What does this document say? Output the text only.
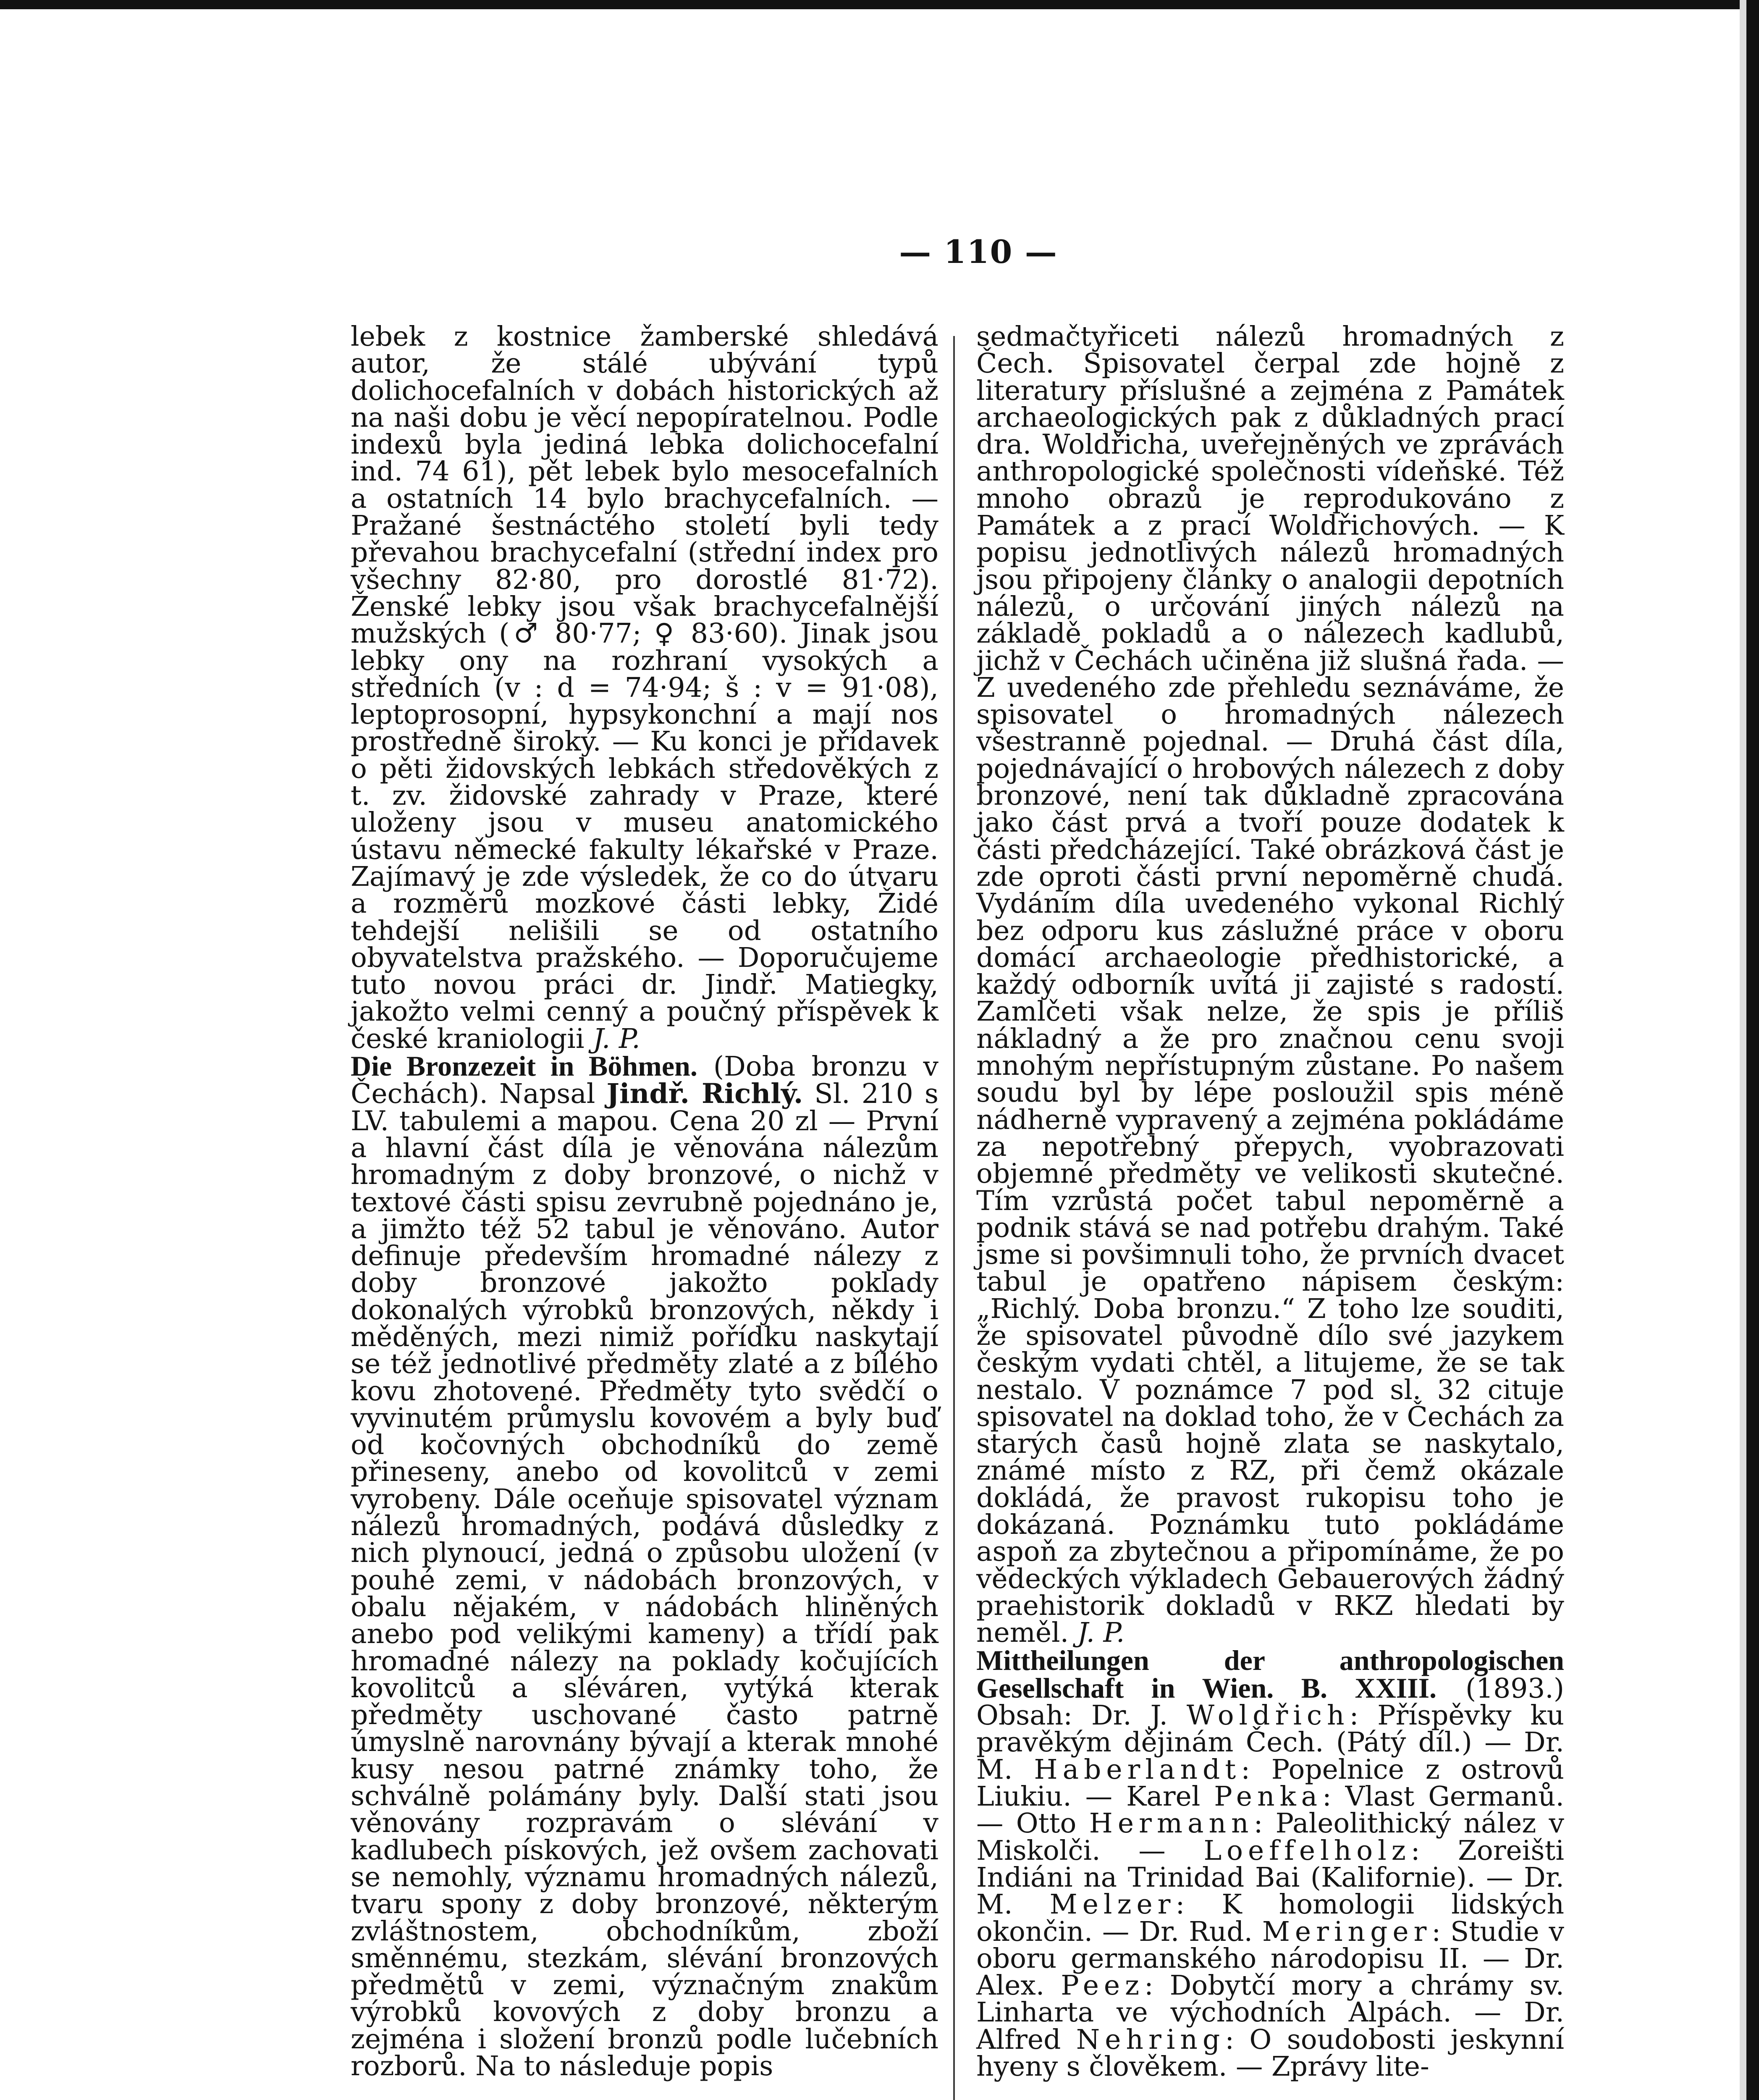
— 110 —

lebek z kostnice žamberské shledává autor, že stálé ubývání typů dolichocefalních v dobách historických až na naši dobu je věcí nepopíratelnou. Podle indexů byla jediná lebka dolichocefalní ind. 74 61), pět lebek bylo mesocefalních a ostatních 14 bylo brachycefalních. — Pražané šestnáctého století byli tedy převahou brachycefalní (střední index pro všechny 82·80, pro dorostlé 81·72). Ženské lebky jsou však brachycefalnější mužských (♂ 80·77; ♀ 83·60). Jinak jsou lebky ony na rozhraní vysokých a středních (v : d = 74·94; š : v = 91·08), leptoprosopní, hypsykonchní a mají nos prostředně široký. — Ku konci je přídavek o pěti židovských lebkách středověkých z t. zv. židovské zahrady v Praze, které uloženy jsou v museu anatomického ústavu německé fakulty lékařské v Praze. Zajímavý je zde výsledek, že co do útvaru a rozměrů mozkové části lebky, Židé tehdejší nelišili se od ostatního obyvatelstva pražského. — Doporučujeme tuto novou práci dr. Jindř. Matiegky, jakožto velmi cenný a poučný příspěvek k české kraniologii J. P.

Die Bronzezeit in Böhmen. (Doba bronzu v Čechách). Napsal Jindř. Richlý. Sl. 210 s LV. tabulemi a mapou. Cena 20 zl — První a hlavní část díla je věnována nálezům hromadným z doby bronzové, o nichž v textové části spisu zevrubně pojednáno je, a jimžto též 52 tabul je věnováno. Autor definuje především hromadné nálezy z doby bronzové jakožto poklady dokonalých výrobků bronzových, někdy i měděných, mezi nimiž pořídku naskytají se též jednotlivé předměty zlaté a z bílého kovu zhotovené. Předměty tyto svědčí o vyvinutém průmyslu kovovém a byly buď od kočovných obchodníků do země přineseny, anebo od kovolitců v zemi vyrobeny. Dále oceňuje spisovatel význam nálezů hromadných, podává důsledky z nich plynoucí, jedná o způsobu uložení (v pouhé zemi, v nádobách bronzových, v obalu nějakém, v nádobách hliněných anebo pod velikými kameny) a třídí pak hromadné nálezy na poklady kočujících kovolitců a sléváren, vytýká kterak předměty uschované často patrně úmyslně narovnány bývají a kterak mnohé kusy nesou patrné známky toho, že schválně polámány byly. Další stati jsou věnovány rozpravám o slévání v kadlubech pískových, jež ovšem zachovati se nemohly, významu hromadných nálezů, tvaru spony z doby bronzové, některým zvláštnostem, obchodníkům, zboží směnnému, stezkám, slévání bronzových předmětů v zemi, význačným znakům výrobků kovových z doby bronzu a zejména i složení bronzů podle lučebních rozborů. Na to následuje popis

sedmačtyřiceti nálezů hromadných z Čech. Spisovatel čerpal zde hojně z literatury příslušné a zejména z Památek archaeologických pak z důkladných prací dra. Woldřicha, uveřejněných ve zprávách anthropologické společnosti vídeňské. Též mnoho obrazů je reprodukováno z Památek a z prací Woldřichových. — K popisu jednotlivých nálezů hromadných jsou připojeny články o analogii depotních nálezů, o určování jiných nálezů na základě pokladů a o nálezech kadlubů, jichž v Čechách učiněna již slušná řada. — Z uvedeného zde přehledu seznáváme, že spisovatel o hromadných nálezech všestranně pojednal. — Druhá část díla, pojednávající o hrobových nálezech z doby bronzové, není tak důkladně zpracována jako část prvá a tvoří pouze dodatek k části předcházející. Také obrázková část je zde oproti části první nepoměrně chudá. Vydáním díla uvedeného vykonal Richlý bez odporu kus záslužné práce v oboru domácí archaeologie předhistorické, a každý odborník uvítá ji zajisté s radostí. Zamlčeti však nelze, že spis je příliš nákladný a že pro značnou cenu svoji mnohým nepřístupným zůstane. Po našem soudu byl by lépe posloužil spis méně nádherně vypravený a zejména pokládáme za nepotřebný přepych, vyobrazovati objemné předměty ve velikosti skutečné. Tím vzrůstá počet tabul nepoměrně a podnik stává se nad potřebu drahým. Také jsme si povšimnuli toho, že prvních dvacet tabul je opatřeno nápisem českým: „Richlý. Doba bronzu.“ Z toho lze souditi, že spisovatel původně dílo své jazykem českým vydati chtěl, a litujeme, že se tak nestalo. V poznámce 7 pod sl. 32 cituje spisovatel na doklad toho, že v Čechách za starých časů hojně zlata se naskytalo, známé místo z RZ, při čemž okázale dokládá, že pravost rukopisu toho je dokázaná. Poznámku tuto pokládáme aspoň za zbytečnou a připomínáme, že po vědeckých výkladech Gebauerových žádný praehistorik dokladů v RKZ hledati by neměl. J. P.

Mittheilungen der anthropologischen Gesellschaft in Wien. B. XXIII. (1893.) Obsah: Dr. J. Woldřich: Příspěvky ku pravěkým dějinám Čech. (Pátý díl.) — Dr. M. Haberlandt: Popelnice z ostrovů Liukiu. — Karel Penka: Vlast Germanů. — Otto Hermann: Paleolithický nález v Miskolči. — Loeffelholz: Zoreišti Indiáni na Trinidad Bai (Kalifornie). — Dr. M. Melzer: K homologii lidských okončin. — Dr. Rud. Meringer: Studie v oboru germanského národopisu II. — Dr. Alex. Peez: Dobytčí mory a chrámy sv. Linharta ve východních Alpách. — Dr. Alfred Nehring: O soudobosti jeskynní hyeny s člověkem. — Zprávy lite-
